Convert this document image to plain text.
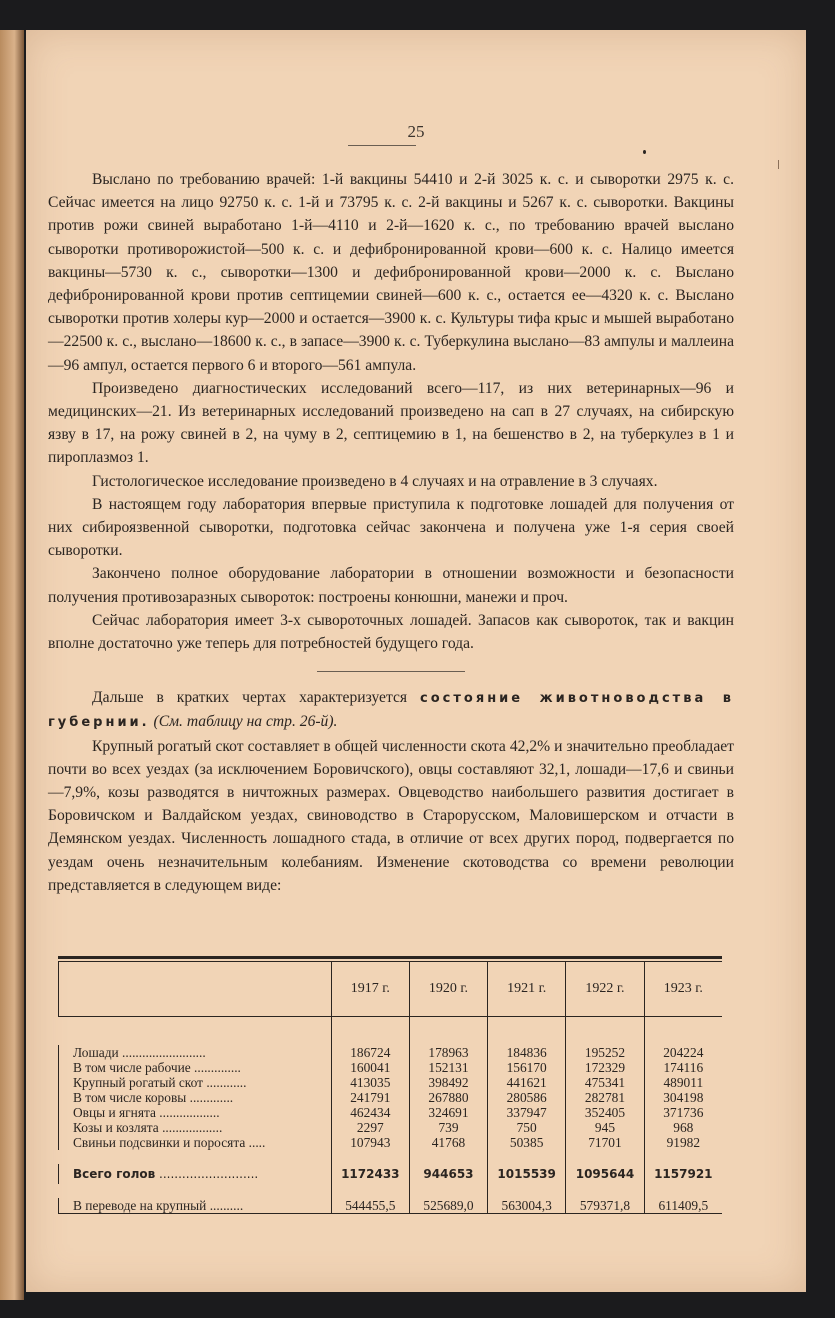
25

Выслано по требованию врачей: 1-й вакцины 54410 и 2-й 3025 к. с. и сыворотки 2975 к. с. Сейчас имеется на лицо 92750 к. с. 1-й и 73795 к. с. 2-й вакцины и 5267 к. с. сыворотки. Вакцины против рожи свиней выработано 1-й—4110 и 2-й—1620 к. с., по требованию врачей выслано сыворотки противорожистой—500 к. с. и дефибронированной крови—600 к. с. Налицо имеется вакцины—5730 к. с., сыворотки—1300 и дефибронированной крови—2000 к. с. Выслано дефибронированной крови против септицемии свиней—600 к. с., остается ее—4320 к. с. Выслано сыворотки против холеры кур—2000 и остается—3900 к. с. Культуры тифа крыс и мышей выработано—22500 к. с., выслано—18600 к. с., в запасе—3900 к. с. Туберкулина выслано—83 ампулы и маллеина—96 ампул, остается первого 6 и второго—561 ампула.

Произведено диагностических исследований всего—117, из них ветеринарных—96 и медицинских—21. Из ветеринарных исследований произведено на сап в 27 случаях, на сибирскую язву в 17, на рожу свиней в 2, на чуму в 2, септицемию в 1, на бешенство в 2, на туберкулез в 1 и пироплазмоз 1.

Гистологическое исследование произведено в 4 случаях и на отравление в 3 случаях.

В настоящем году лаборатория впервые приступила к подготовке лошадей для получения от них сибироязвенной сыворотки, подготовка сейчас закончена и получена уже 1-я серия своей сыворотки.

Закончено полное оборудование лаборатории в отношении возможности и безопасности получения противозаразных сывороток: построены конюшни, манежи и проч.

Сейчас лаборатория имеет 3-х сывороточных лошадей. Запасов как сывороток, так и вакцин вполне достаточно уже теперь для потребностей будущего года.

Дальше в кратких чертах характеризуется состояние животноводства в губернии. (См. таблицу на стр. 26-й).

Крупный рогатый скот составляет в общей численности скота 42,2% и значительно преобладает почти во всех уездах (за исключением Боровичского), овцы составляют 32,1, лошади—17,6 и свиньи—7,9%, козы разводятся в ничтожных размерах. Овцеводство наибольшего развития достигает в Боровичском и Валдайском уездах, свиноводство в Старорусском, Маловишерском и отчасти в Демянском уездах. Численность лошадного стада, в отличие от всех других пород, подвергается по уездам очень незначительным колебаниям. Изменение скотоводства со времени революции представляется в следующем виде:

	1917 г.	1920 г.	1921 г.	1922 г.	1923 г.

Лошади .........................	186724	178963	184836	195252	204224
В том числе рабочие ..............	160041	152131	156170	172329	174116
Крупный рогатый скот ............	413035	398492	441621	475341	489011
В том числе коровы .............	241791	267880	280586	282781	304198
Овцы и ягнята ..................	462434	324691	337947	352405	371736
Козы и козлята ..................	2297	739	750	945	968
Свиньи подсвинки и поросята .....	107943	41768	50385	71701	91982

Всего голов ..........................	1172433	944653	1015539	1095644	1157921

В переводе на крупный ..........	544455,5	525689,0	563004,3	579371,8	611409,5
